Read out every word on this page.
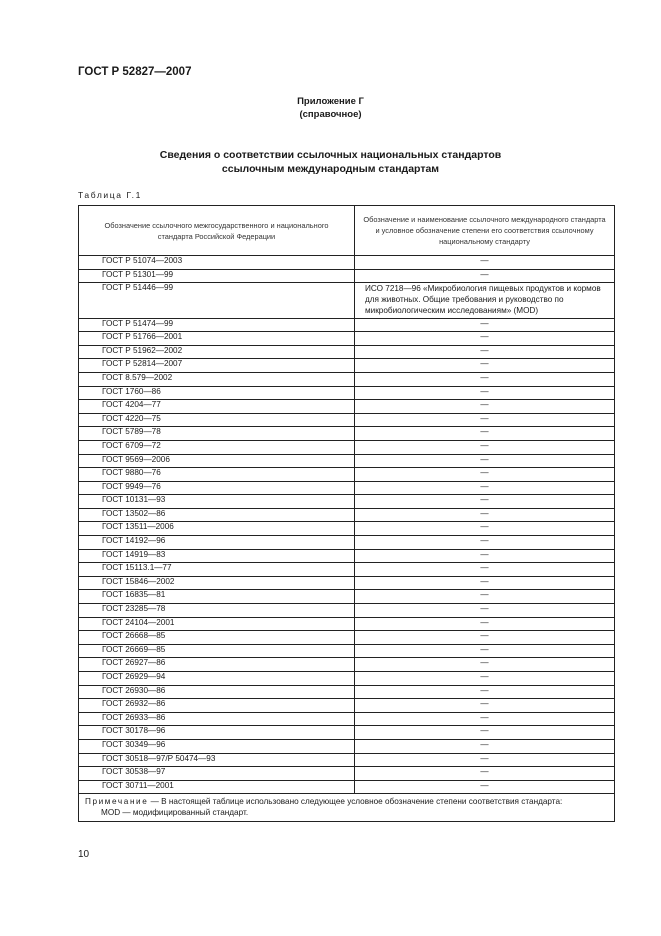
ГОСТ Р 52827—2007
Приложение Г
(справочное)
Сведения о соответствии ссылочных национальных стандартов
ссылочным международным стандартам
Таблица Г.1
Обозначение ссылочного межгосударственного и национального стандарта Российской Федерации	Обозначение и наименование ссылочного международного стандарта и условное обозначение степени его соответствия ссылочному национальному стандарту
ГОСТ Р 51074—2003	—
ГОСТ Р 51301—99	—
ГОСТ Р 51446—99	ИСО 7218—96 «Микробиология пищевых продуктов и кормов для животных. Общие требования и руководство по микробиологическим исследованиям» (MOD)
ГОСТ Р 51474—99	—
ГОСТ Р 51766—2001	—
ГОСТ Р 51962—2002	—
ГОСТ Р 52814—2007	—
ГОСТ 8.579—2002	—
ГОСТ 1760—86	—
ГОСТ 4204—77	—
ГОСТ 4220—75	—
ГОСТ 5789—78	—
ГОСТ 6709—72	—
ГОСТ 9569—2006	—
ГОСТ 9880—76	—
ГОСТ 9949—76	—
ГОСТ 10131—93	—
ГОСТ 13502—86	—
ГОСТ 13511—2006	—
ГОСТ 14192—96	—
ГОСТ 14919—83	—
ГОСТ 15113.1—77	—
ГОСТ 15846—2002	—
ГОСТ 16835—81	—
ГОСТ 23285—78	—
ГОСТ 24104—2001	—
ГОСТ 26668—85	—
ГОСТ 26669—85	—
ГОСТ 26927—86	—
ГОСТ 26929—94	—
ГОСТ 26930—86	—
ГОСТ 26932—86	—
ГОСТ 26933—86	—
ГОСТ 30178—96	—
ГОСТ 30349—96	—
ГОСТ 30518—97/Р 50474—93	—
ГОСТ 30538—97	—
ГОСТ 30711—2001	—
Примечание — В настоящей таблице использовано следующее условное обозначение степени соответствия стандарта:
MOD — модифицированный стандарт.	
10
